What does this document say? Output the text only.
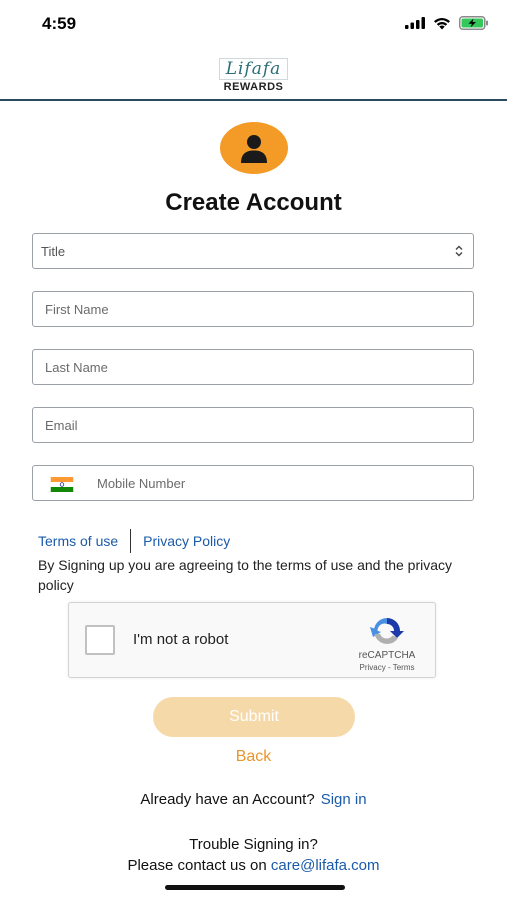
4:59
Lifafa
REWARDS
Create Account
Title
First Name
Last Name
Email
Mobile Number
Terms of use Privacy Policy
By Signing up you are agreeing to the terms of use and the privacy policy
I'm not a robot
reCAPTCHA
Privacy - Terms
Submit
Back
Already have an Account? Sign in
Trouble Signing in?
Please contact us on care@lifafa.com
